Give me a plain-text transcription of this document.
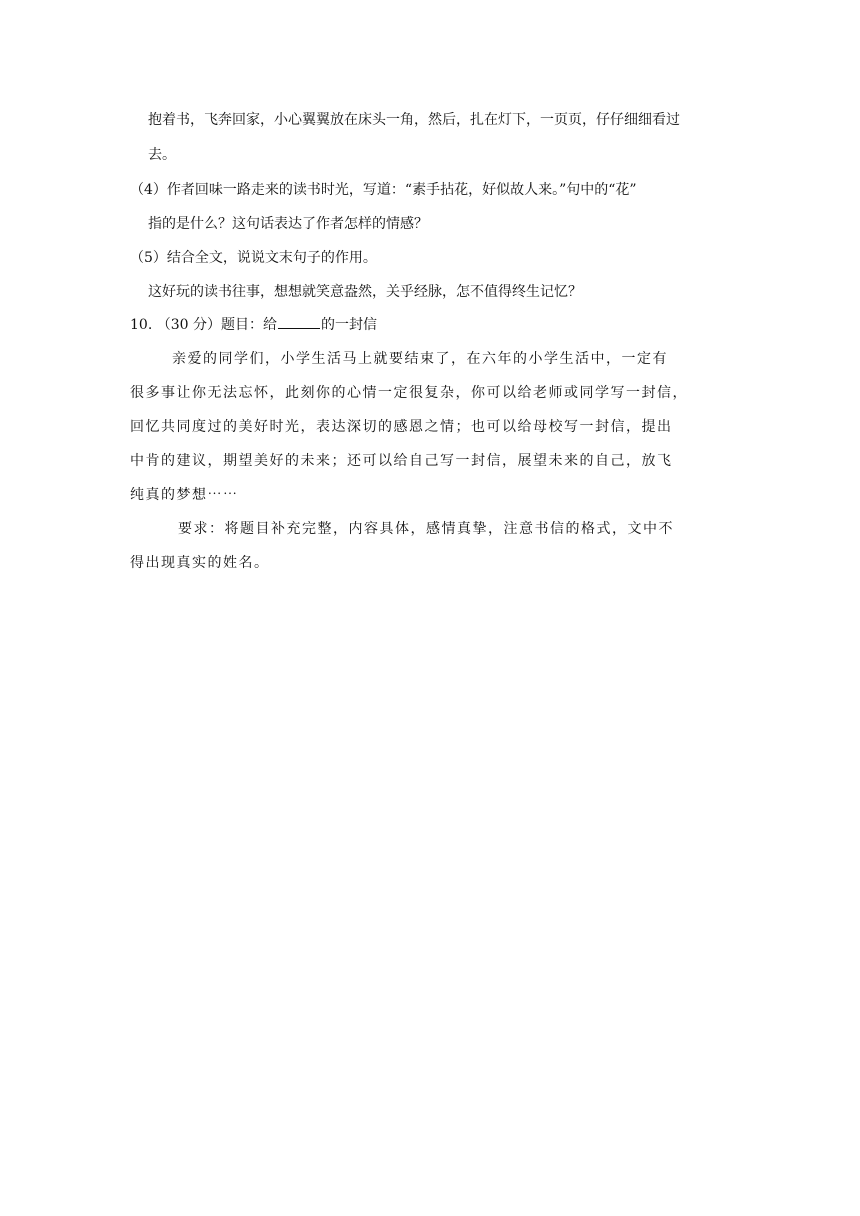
抱着书，飞奔回家，小心翼翼放在床头一角，然后，扎在灯下，一页页，仔仔细细看过
去。
（4）作者回味一路走来的读书时光，写道：“素手拈花，好似故人来。”句中的“花”
指的是什么？这句话表达了作者怎样的情感？
（5）结合全文，说说文末句子的作用。
这好玩的读书往事，想想就笑意盎然，关乎经脉，怎不值得终生记忆？
10. （30 分）题目：给	的一封信
亲爱的同学们，小学生活马上就要结束了，在六年的小学生活中，一定有
很多事让你无法忘怀，此刻你的心情一定很复杂，你可以给老师或同学写一封信，
回忆共同度过的美好时光，表达深切的感恩之情；也可以给母校写一封信，提出
中肯的建议，期望美好的未来；还可以给自己写一封信，展望未来的自己，放飞
纯真的梦想⋯⋯
要求：将题目补充完整，内容具体，感情真挚，注意书信的格式，文中不
得出现真实的姓名。
